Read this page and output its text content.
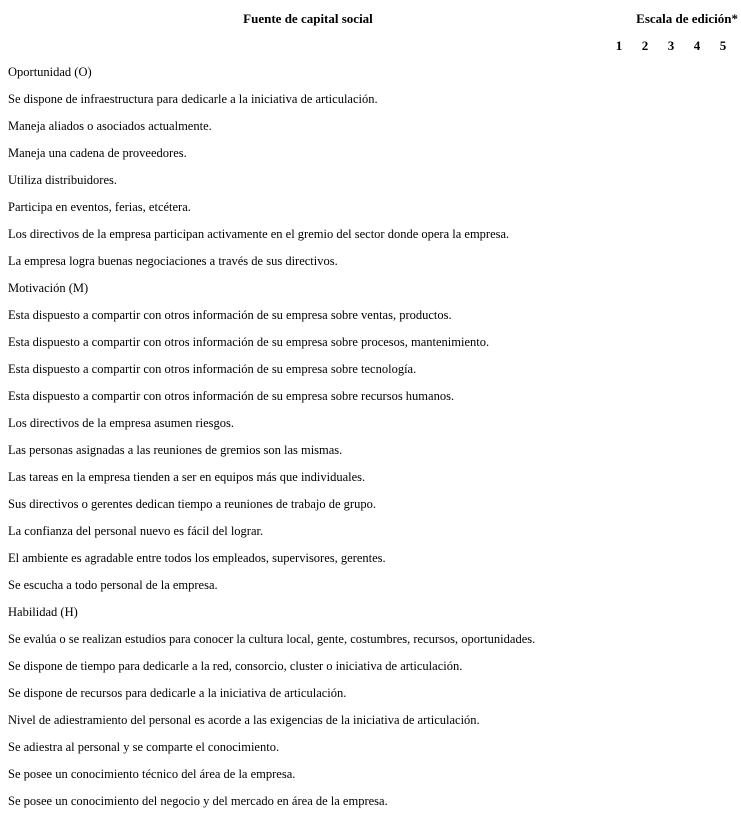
Fuente de capital social	Escala de edición*
1	2	3	4	5
Oportunidad (O)
Se dispone de infraestructura para dedicarle a la iniciativa de articulación.
Maneja aliados o asociados actualmente.
Maneja una cadena de proveedores.
Utiliza distribuidores.
Participa en eventos, ferias, etcétera.
Los directivos de la empresa participan activamente en el gremio del sector donde opera la empresa.
La empresa logra buenas negociaciones a través de sus directivos.
Motivación (M)
Esta dispuesto a compartir con otros información de su empresa sobre ventas, productos.
Esta dispuesto a compartir con otros información de su empresa sobre procesos, mantenimiento.
Esta dispuesto a compartir con otros información de su empresa sobre tecnología.
Esta dispuesto a compartir con otros información de su empresa sobre recursos humanos.
Los directivos de la empresa asumen riesgos.
Las personas asignadas a las reuniones de gremios son las mismas.
Las tareas en la empresa tienden a ser en equipos más que individuales.
Sus directivos o gerentes dedican tiempo a reuniones de trabajo de grupo.
La confianza del personal nuevo es fácil del lograr.
El ambiente es agradable entre todos los empleados, supervisores, gerentes.
Se escucha a todo personal de la empresa.
Habilidad (H)
Se evalúa o se realizan estudios para conocer la cultura local, gente, costumbres, recursos, oportunidades.
Se dispone de tiempo para dedicarle a la red, consorcio, cluster o iniciativa de articulación.
Se dispone de recursos para dedicarle a la iniciativa de articulación.
Nivel de adiestramiento del personal es acorde a las exigencias de la iniciativa de articulación.
Se adiestra al personal y se comparte el conocimiento.
Se posee un conocimiento técnico del área de la empresa.
Se posee un conocimiento del negocio y del mercado en área de la empresa.
